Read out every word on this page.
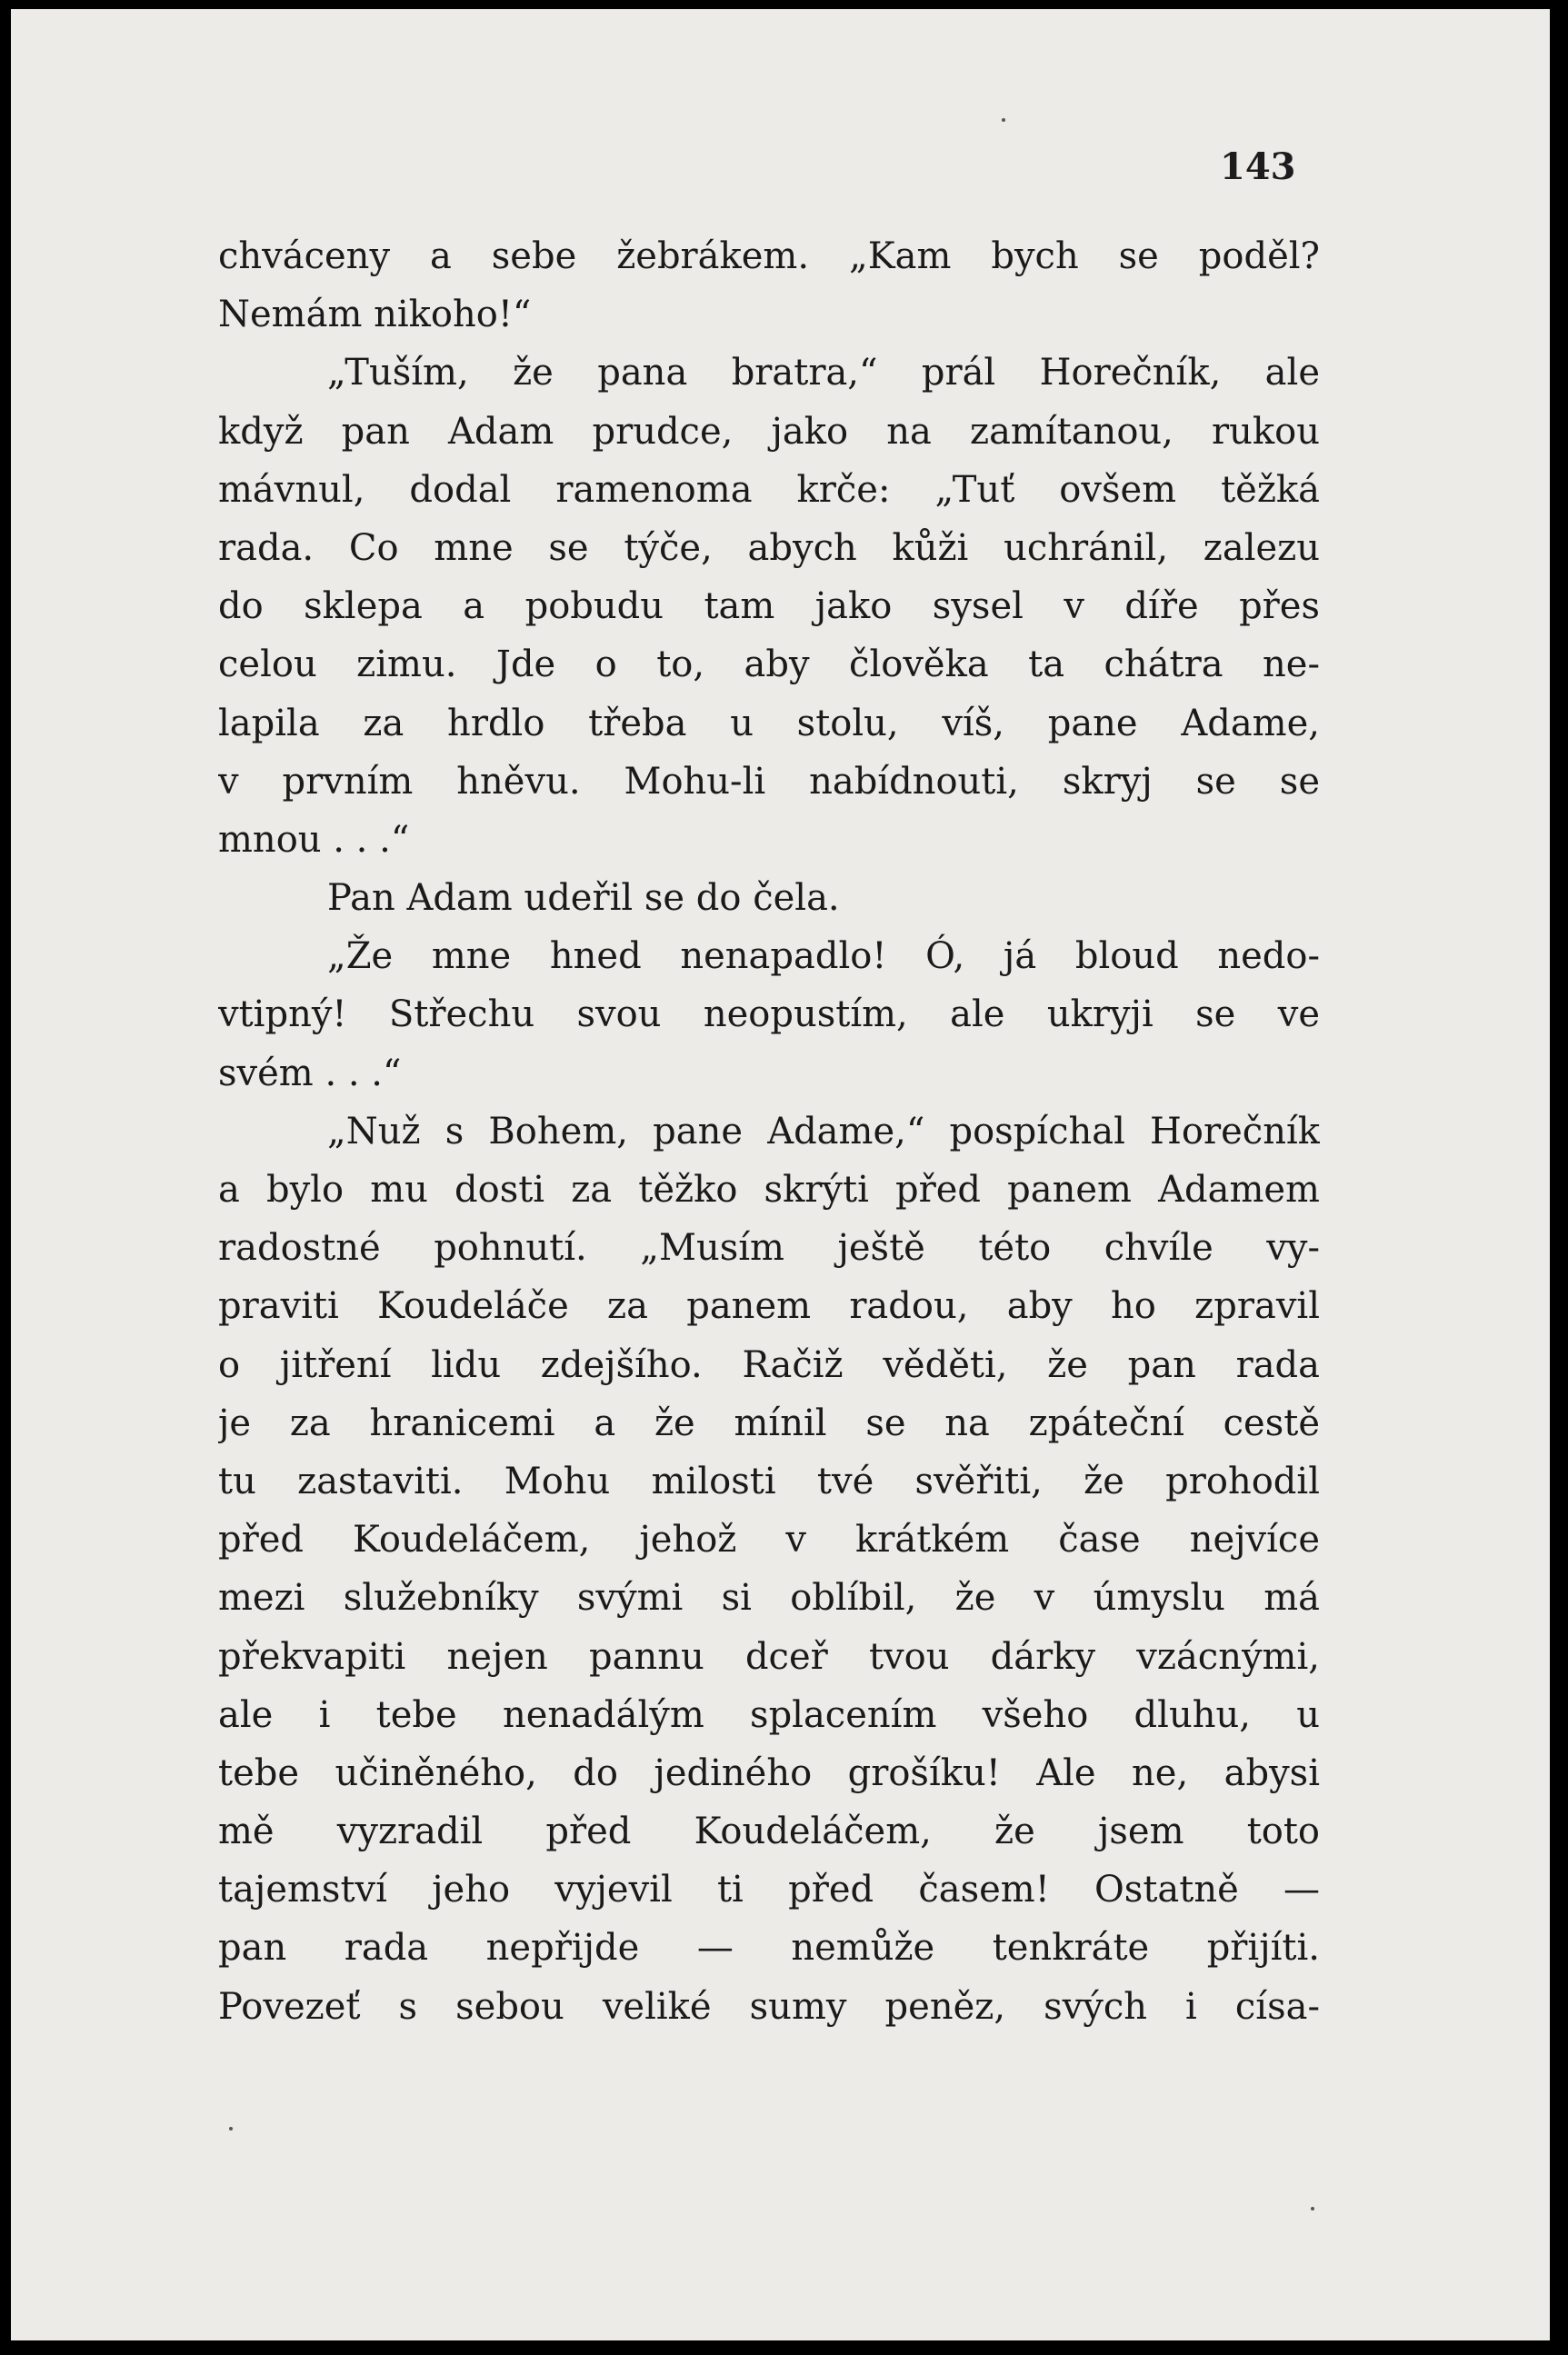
143
chváceny a sebe žebrákem. „Kam bych se poděl?
Nemám nikoho!“
„Tuším, že pana bratra,“ prál Horečník, ale
když pan Adam prudce, jako na zamítanou, rukou
mávnul, dodal ramenoma krče: „Tuť ovšem těžká
rada. Co mne se týče, abych kůži uchránil, zalezu
do sklepa a pobudu tam jako sysel v díře přes
celou zimu. Jde o to, aby člověka ta chátra ne-
lapila za hrdlo třeba u stolu, víš, pane Adame,
v prvním hněvu. Mohu-li nabídnouti, skryj se se
mnou . . .“
Pan Adam udeřil se do čela.
„Že mne hned nenapadlo! Ó, já bloud nedo-
vtipný! Střechu svou neopustím, ale ukryji se ve
svém . . .“
„Nuž s Bohem, pane Adame,“ pospíchal Horečník
a bylo mu dosti za těžko skrýti před panem Adamem
radostné pohnutí. „Musím ještě této chvíle vy-
praviti Koudeláče za panem radou, aby ho zpravil
o jitření lidu zdejšího. Račiž věděti, že pan rada
je za hranicemi a že mínil se na zpáteční cestě
tu zastaviti. Mohu milosti tvé svěřiti, že prohodil
před Koudeláčem, jehož v krátkém čase nejvíce
mezi služebníky svými si oblíbil, že v úmyslu má
překvapiti nejen pannu dceř tvou dárky vzácnými,
ale i tebe nenadálým splacením všeho dluhu, u
tebe učiněného, do jediného grošíku! Ale ne, abysi
mě vyzradil před Koudeláčem, že jsem toto
tajemství jeho vyjevil ti před časem! Ostatně —
pan rada nepřijde — nemůže tenkráte přijíti.
Povezeť s sebou veliké sumy peněz, svých i císa-
